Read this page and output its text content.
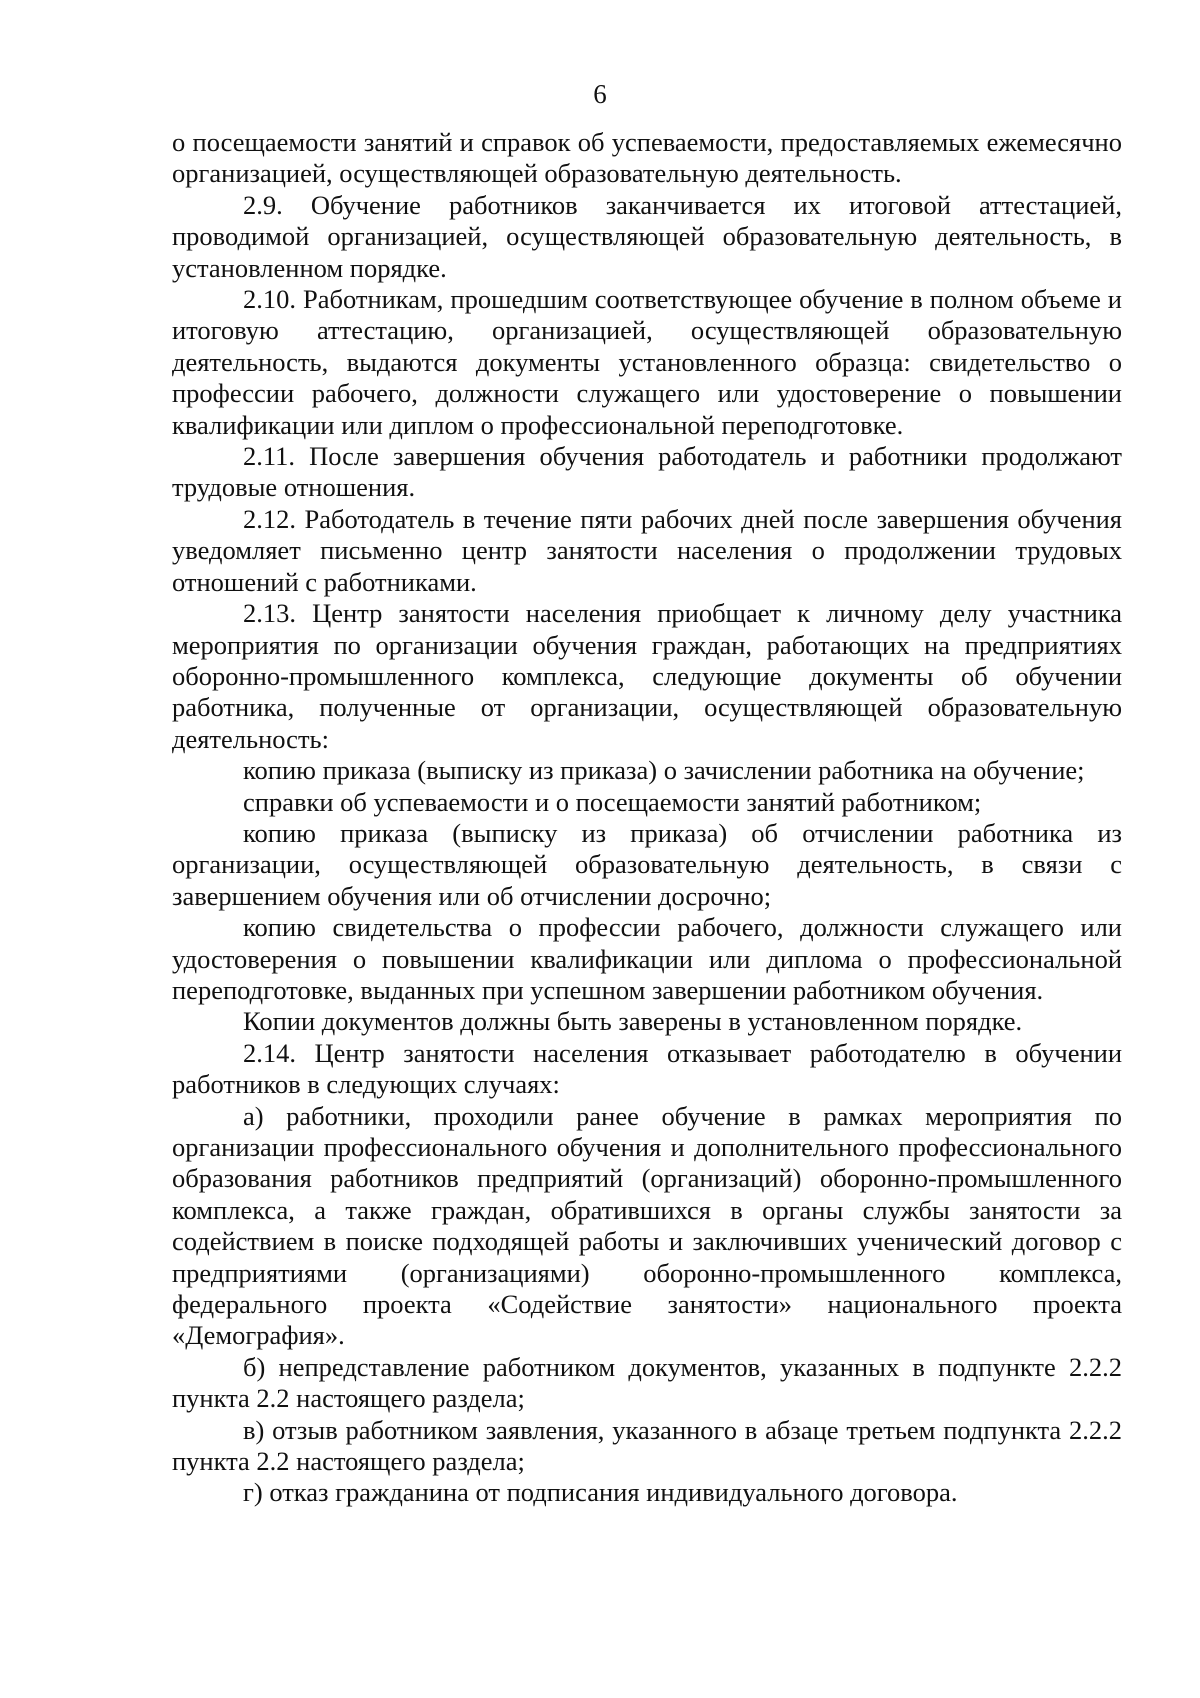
6

о посещаемости занятий и справок об успеваемости, предоставляемых ежемесячно организацией, осуществляющей образовательную деятельность.

2.9. Обучение работников заканчивается их итоговой аттестацией, проводимой организацией, осуществляющей образовательную деятельность, в установленном порядке.

2.10. Работникам, прошедшим соответствующее обучение в полном объеме и итоговую аттестацию, организацией, осуществляющей образовательную деятельность, выдаются документы установленного образца: свидетельство о профессии рабочего, должности служащего или удостоверение о повышении квалификации или диплом о профессиональной переподготовке.

2.11. После завершения обучения работодатель и работники продолжают трудовые отношения.

2.12. Работодатель в течение пяти рабочих дней после завершения обучения уведомляет письменно центр занятости населения о продолжении трудовых отношений с работниками.

2.13. Центр занятости населения приобщает к личному делу участника мероприятия по организации обучения граждан, работающих на предприятиях оборонно-промышленного комплекса, следующие документы об обучении работника, полученные от организации, осуществляющей образовательную деятельность:

копию приказа (выписку из приказа) о зачислении работника на обучение;

справки об успеваемости и о посещаемости занятий работником;

копию приказа (выписку из приказа) об отчислении работника из организации, осуществляющей образовательную деятельность, в связи с завершением обучения или об отчислении досрочно;

копию свидетельства о профессии рабочего, должности служащего или удостоверения о повышении квалификации или диплома о профессиональной переподготовке, выданных при успешном завершении работником обучения.

Копии документов должны быть заверены в установленном порядке.

2.14. Центр занятости населения отказывает работодателю в обучении работников в следующих случаях:

а) работники, проходили ранее обучение в рамках мероприятия по организации профессионального обучения и дополнительного профессионального образования работников предприятий (организаций) оборонно-промышленного комплекса, а также граждан, обратившихся в органы службы занятости за содействием в поиске подходящей работы и заключивших ученический договор с предприятиями (организациями) оборонно-промышленного комплекса, федерального проекта «Содействие занятости» национального проекта «Демография».

б) непредставление работником документов, указанных в подпункте 2.2.2 пункта 2.2 настоящего раздела;

в) отзыв работником заявления, указанного в абзаце третьем подпункта 2.2.2 пункта 2.2 настоящего раздела;

г) отказ гражданина от подписания индивидуального договора.
